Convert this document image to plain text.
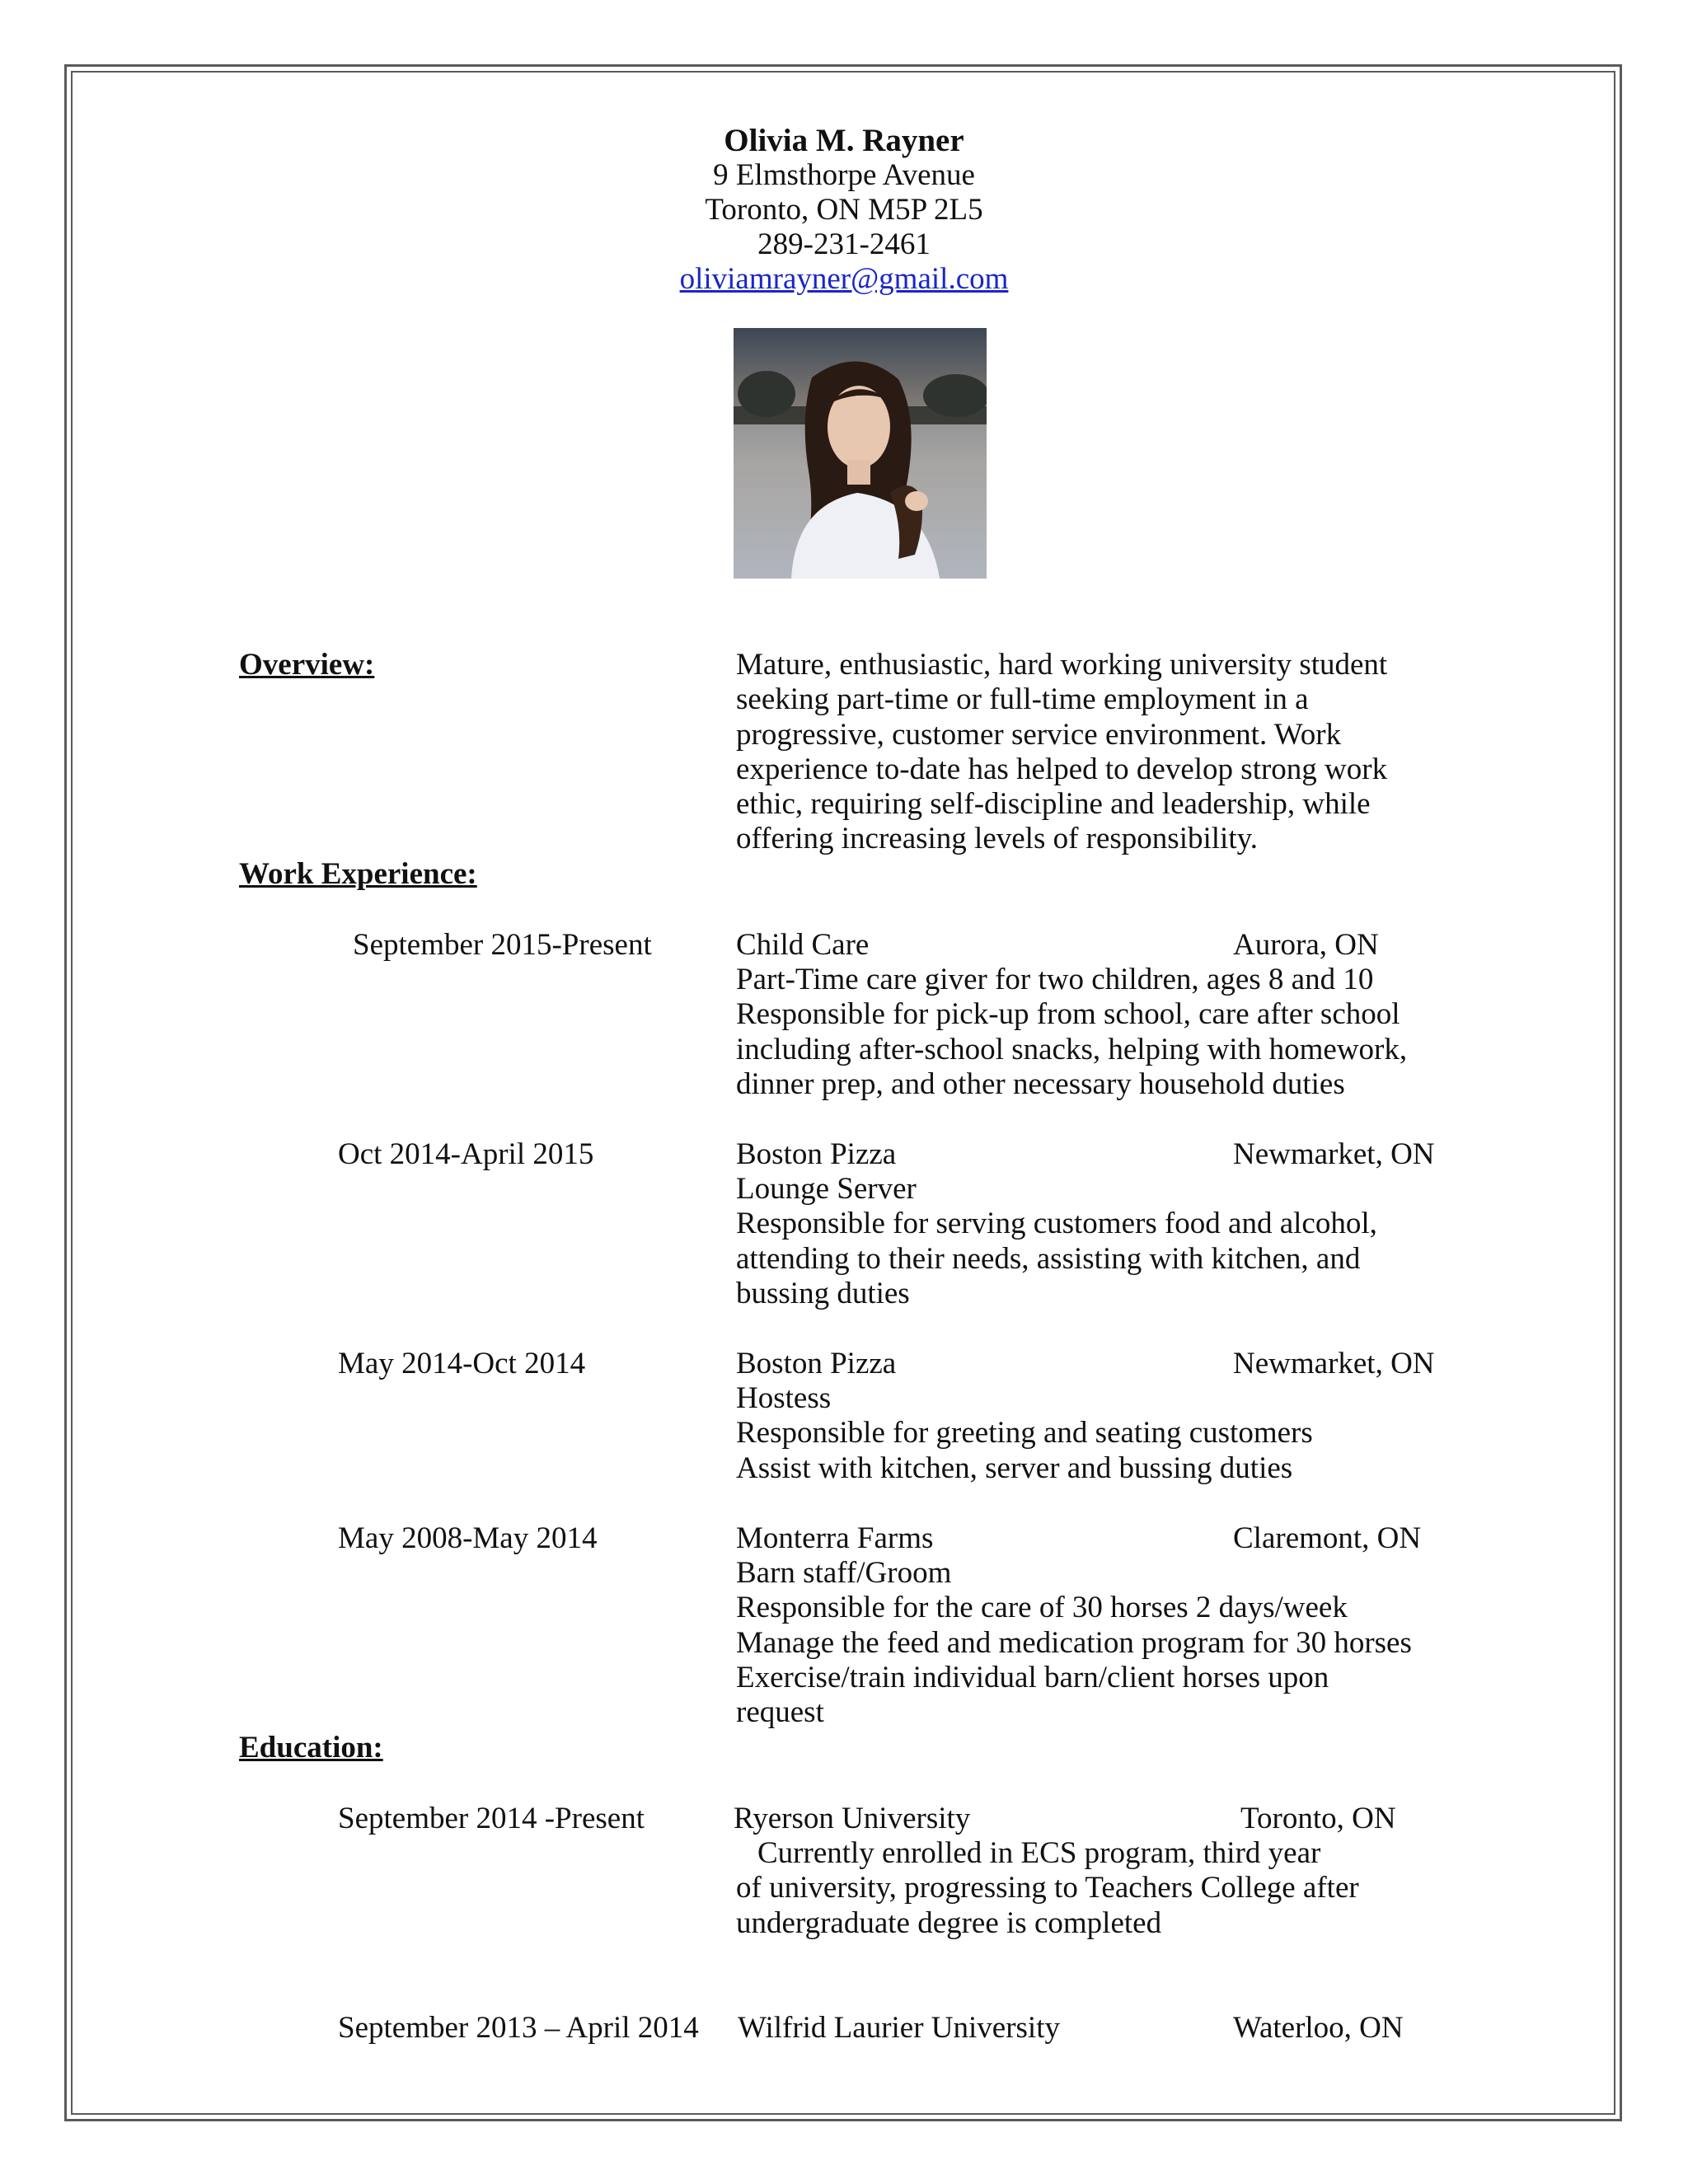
Olivia M. Rayner
9 Elmsthorpe Avenue
Toronto, ON M5P 2L5
289-231-2461
oliviamrayner@gmail.com
Overview:	Mature, enthusiastic, hard working university student
seeking part-time or full-time employment in a
progressive, customer service environment. Work
experience to-date has helped to develop strong work
ethic, requiring self-discipline and leadership, while
offering increasing levels of responsibility.
Work Experience:
September 2015-Present	Child Care	Aurora, ON
Part-Time care giver for two children, ages 8 and 10
Responsible for pick-up from school, care after school
including after-school snacks, helping with homework,
dinner prep, and other necessary household duties
Oct 2014-April 2015	Boston Pizza	Newmarket, ON
Lounge Server
Responsible for serving customers food and alcohol,
attending to their needs, assisting with kitchen, and
bussing duties
May 2014-Oct 2014	Boston Pizza	Newmarket, ON
Hostess
Responsible for greeting and seating customers
Assist with kitchen, server and bussing duties
May 2008-May 2014	Monterra Farms	Claremont, ON
Barn staff/Groom
Responsible for the care of 30 horses 2 days/week
Manage the feed and medication program for 30 horses
Exercise/train individual barn/client horses upon
request
Education:
September 2014 -Present	Ryerson University	Toronto, ON
Currently enrolled in ECS program, third year
of university, progressing to Teachers College after
undergraduate degree is completed
September 2013 – April 2014 Wilfrid Laurier University	Waterloo, ON
